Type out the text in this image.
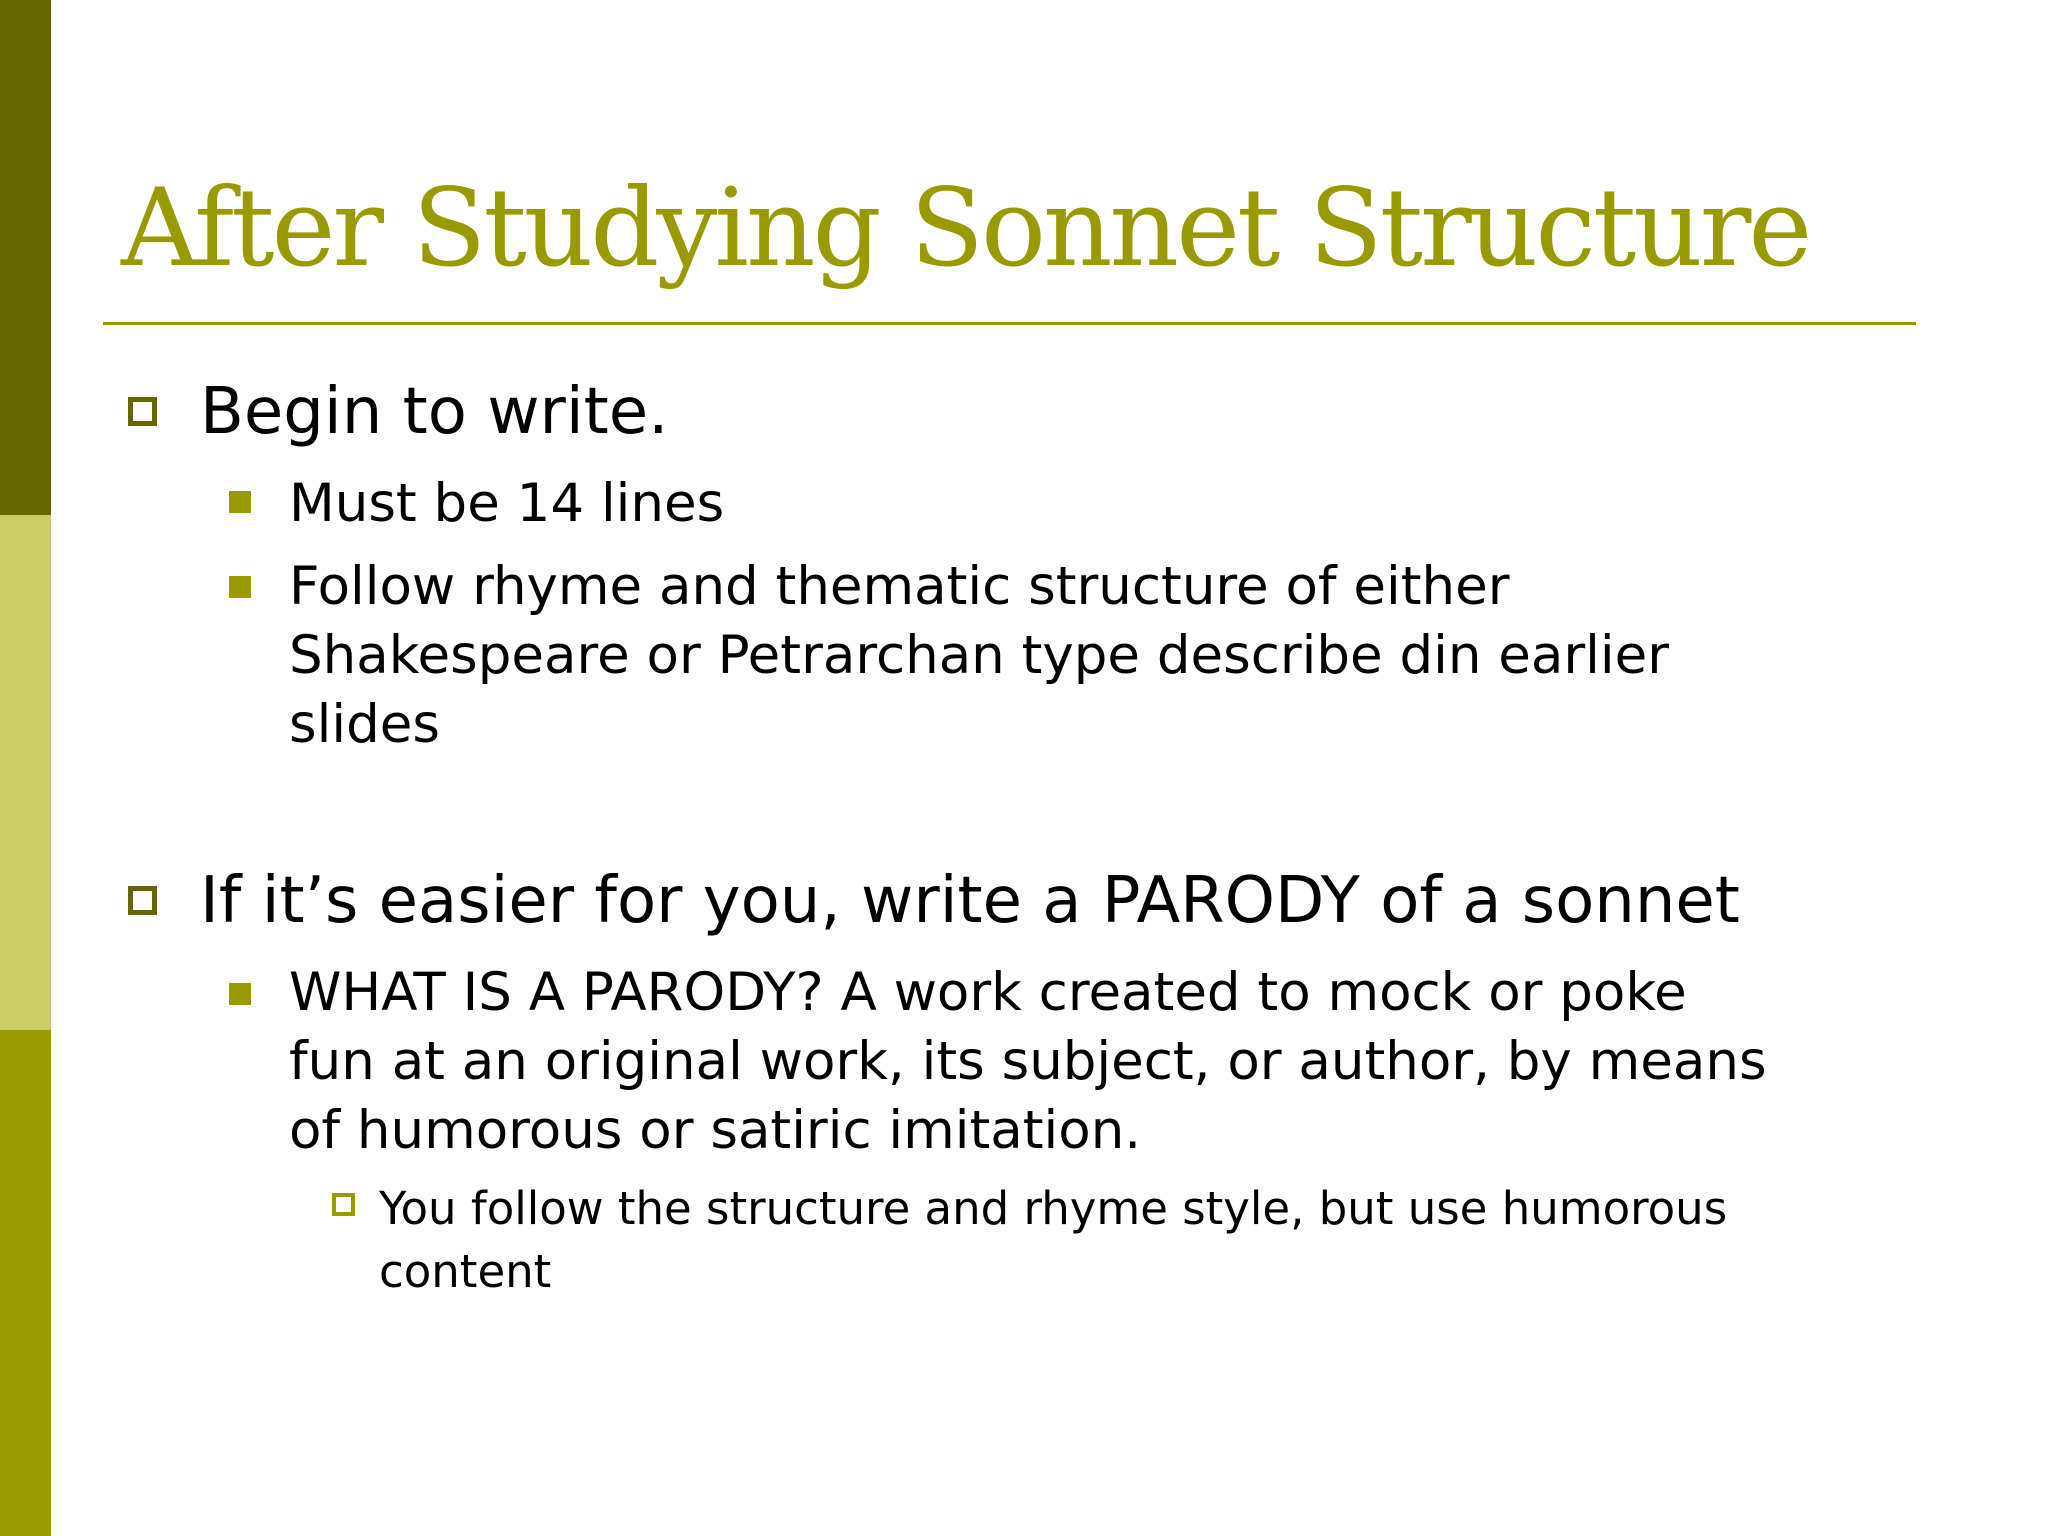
After Studying Sonnet Structure
Begin to write.
Must be 14 lines
Follow rhyme and thematic structure of either
Shakespeare or Petrarchan type describe din earlier
slides
If it’s easier for you, write a PARODY of a sonnet
WHAT IS A PARODY? A work created to mock or poke
fun at an original work, its subject, or author, by means
of humorous or satiric imitation.
You follow the structure and rhyme style, but use humorous
content
